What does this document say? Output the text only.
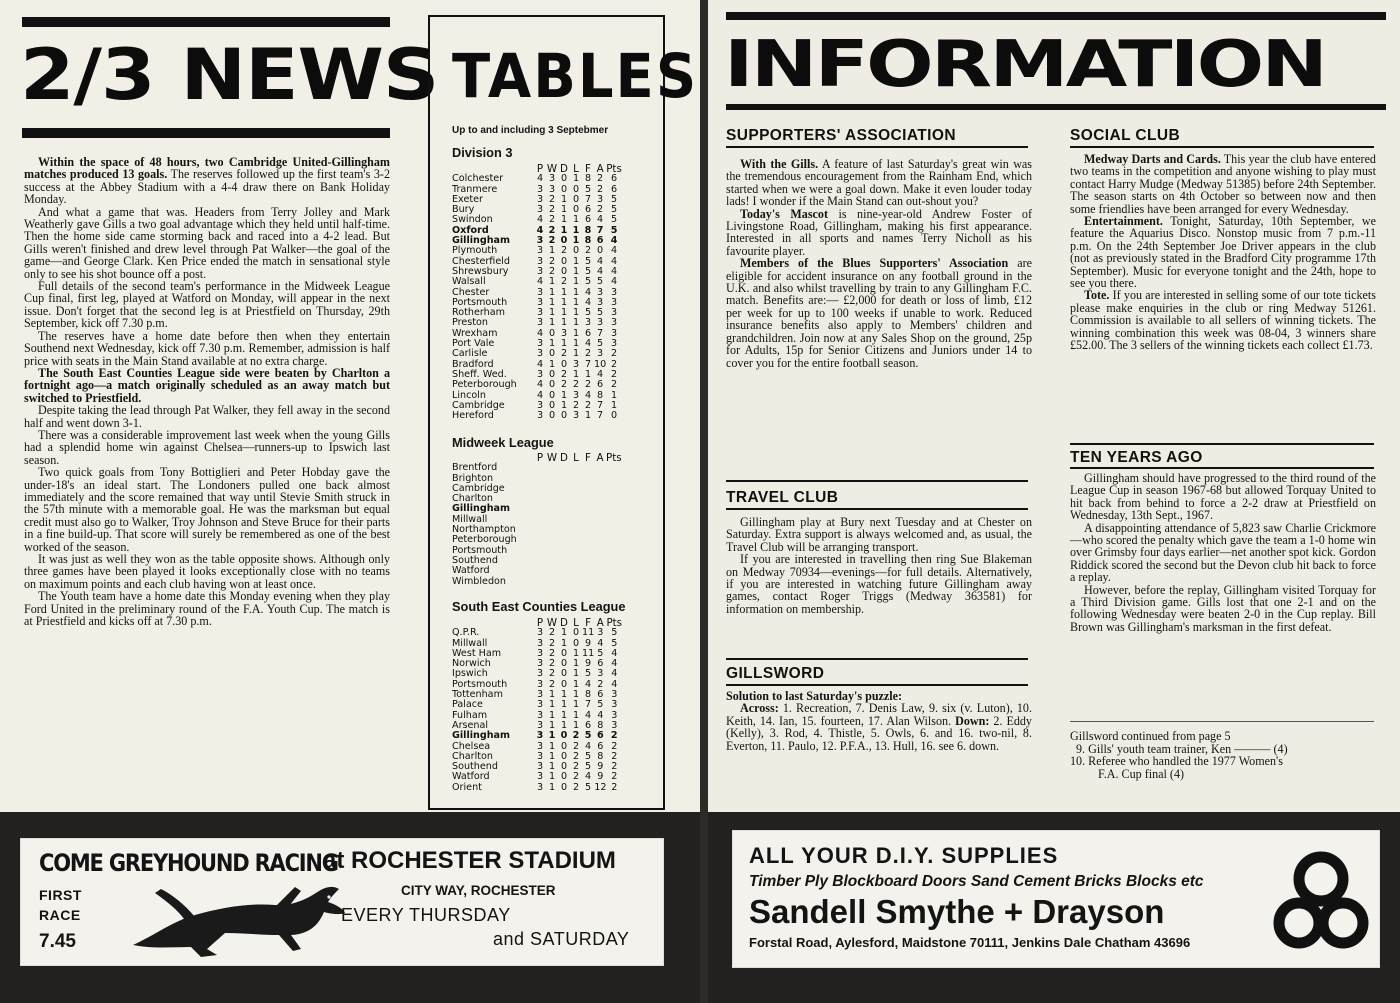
2/3 NEWS

Within the space of 48 hours, two Cambridge United-Gillingham matches produced 13 goals. The reserves followed up the first team's 3-2 success at the Abbey Stadium with a 4-4 draw there on Bank Holiday Monday.

And what a game that was. Headers from Terry Jolley and Mark Weatherly gave Gills a two goal advantage which they held until half-time. Then the home side came storming back and raced into a 4-2 lead. But Gills weren't finished and drew level through Pat Walker—the goal of the game—and George Clark. Ken Price ended the match in sensational style only to see his shot bounce off a post.

Full details of the second team's performance in the Midweek League Cup final, first leg, played at Watford on Monday, will appear in the next issue. Don't forget that the second leg is at Priestfield on Thursday, 29th September, kick off 7.30 p.m.

The reserves have a home date before then when they entertain Southend next Wednesday, kick off 7.30 p.m. Remember, admission is half price with seats in the Main Stand available at no extra charge.

The South East Counties League side were beaten by Charlton a fortnight ago—a match originally scheduled as an away match but switched to Priestfield.

Despite taking the lead through Pat Walker, they fell away in the second half and went down 3-1.

There was a considerable improvement last week when the young Gills had a splendid home win against Chelsea—runners-up to Ipswich last season.

Two quick goals from Tony Bottiglieri and Peter Hobday gave the under-18's an ideal start. The Londoners pulled one back almost immediately and the score remained that way until Stevie Smith struck in the 57th minute with a memorable goal. He was the marksman but equal credit must also go to Walker, Troy Johnson and Steve Bruce for their parts in a fine build-up. That score will surely be remembered as one of the best worked of the season.

It was just as well they won as the table opposite shows. Although only three games have been played it looks exceptionally close with no teams on maximum points and each club having won at least once.

The Youth team have a home date this Monday evening when they play Ford United in the preliminary round of the F.A. Youth Cup. The match is at Priestfield and kicks off at 7.30 p.m.

TABLES
Up to and including 3 Septebmer
Division 3
	P	W	D	L	F	A	Pts
Colchester	4	3	0	1	8	2	6
Tranmere	3	3	0	0	5	2	6
Exeter	3	2	1	0	7	3	5
Bury	3	2	1	0	6	2	5
Swindon	4	2	1	1	6	4	5
Oxford	4	2	1	1	8	7	5
Gillingham	3	2	0	1	8	6	4
Plymouth	3	1	2	0	2	0	4
Chesterfield	3	2	0	1	5	4	4
Shrewsbury	3	2	0	1	5	4	4
Walsall	4	1	2	1	5	5	4
Chester	3	1	1	1	4	3	3
Portsmouth	3	1	1	1	4	3	3
Rotherham	3	1	1	1	5	5	3
Preston	3	1	1	1	3	3	3
Wrexham	4	0	3	1	6	7	3
Port Vale	3	1	1	1	4	5	3
Carlisle	3	0	2	1	2	3	2
Bradford	4	1	0	3	7	10	2
Sheff. Wed.	3	0	2	1	1	4	2
Peterborough	4	0	2	2	2	6	2
Lincoln	4	0	1	3	4	8	1
Cambridge	3	0	1	2	2	7	1
Hereford	3	0	0	3	1	7	0
Midweek League
	P	W	D	L	F	A	Pts
Brentford
Brighton
Cambridge
Charlton
Gillingham
Millwall
Northampton
Peterborough
Portsmouth
Southend
Watford
Wimbledon
South East Counties League
	P	W	D	L	F	A	Pts
Q.P.R.	3	2	1	0	11	3	5
Millwall	3	2	1	0	9	4	5
West Ham	3	2	0	1	11	5	4
Norwich	3	2	0	1	9	6	4
Ipswich	3	2	0	1	5	3	4
Portsmouth	3	2	0	1	4	2	4
Tottenham	3	1	1	1	8	6	3
Palace	3	1	1	1	7	5	3
Fulham	3	1	1	1	4	4	3
Arsenal	3	1	1	1	6	8	3
Gillingham	3	1	0	2	5	6	2
Chelsea	3	1	0	2	4	6	2
Charlton	3	1	0	2	5	8	2
Southend	3	1	0	2	5	9	2
Watford	3	1	0	2	4	9	2
Orient	3	1	0	2	5	12	2
INFORMATION
SUPPORTERS' ASSOCIATION

With the Gills. A feature of last Saturday's great win was the tremendous encouragement from the Rainham End, which started when we were a goal down. Make it even louder today lads! I wonder if the Main Stand can out-shout you?

Today's Mascot is nine-year-old Andrew Foster of Livingstone Road, Gillingham, making his first appearance. Interested in all sports and names Terry Nicholl as his favourite player.

Members of the Blues Supporters' Association are eligible for accident insurance on any football ground in the U.K. and also whilst travelling by train to any Gillingham F.C. match. Benefits are:— £2,000 for death or loss of limb, £12 per week for up to 100 weeks if unable to work. Reduced insurance benefits also apply to Members' children and grandchildren. Join now at any Sales Shop on the ground, 25p for Adults, 15p for Senior Citizens and Juniors under 14 to cover you for the entire football season.

TRAVEL CLUB

Gillingham play at Bury next Tuesday and at Chester on Saturday. Extra support is always welcomed and, as usual, the Travel Club will be arranging transport.

If you are interested in travelling then ring Sue Blakeman on Medway 70934—evenings—for full details. Alternatively, if you are interested in watching future Gillingham away games, contact Roger Triggs (Medway 363581) for information on membership.

GILLSWORD
Solution to last Saturday's puzzle:

Across: 1. Recreation, 7. Denis Law, 9. six (v. Luton), 10. Keith, 14. Ian, 15. fourteen, 17. Alan Wilson. Down: 2. Eddy (Kelly), 3. Rod, 4. Thistle, 5. Owls, 6. and 16. two-nil, 8. Everton, 11. Paulo, 12. P.F.A., 13. Hull, 16. see 6. down.

SOCIAL CLUB

Medway Darts and Cards. This year the club have entered two teams in the competition and anyone wishing to play must contact Harry Mudge (Medway 51385) before 24th September. The season starts on 4th October so between now and then some friendlies have been arranged for every Wednesday.

Entertainment. Tonight, Saturday, 10th September, we feature the Aquarius Disco. Nonstop music from 7 p.m.-11 p.m. On the 24th September Joe Driver appears in the club (not as previously stated in the Bradford City programme 17th September). Music for everyone tonight and the 24th, hope to see you there.

Tote. If you are interested in selling some of our tote tickets please make enquiries in the club or ring Medway 51261. Commission is available to all sellers of winning tickets. The winning combination this week was 08-04, 3 winners share £52.00. The 3 sellers of the winning tickets each collect £1.73.

TEN YEARS AGO

Gillingham should have progressed to the third round of the League Cup in season 1967-68 but allowed Torquay United to hit back from behind to force a 2-2 draw at Priestfield on Wednesday, 13th Sept., 1967.

A disappointing attendance of 5,823 saw Charlie Crickmore—who scored the penalty which gave the team a 1-0 home win over Grimsby four days earlier—net another spot kick. Gordon Riddick scored the second but the Devon club hit back to force a replay.

However, before the replay, Gillingham visited Torquay for a Third Division game. Gills lost that one 2-1 and on the following Wednesday were beaten 2-0 in the Cup replay. Bill Brown was Gillingham's marksman in the first defeat.

Gillsword continued from page 5
9. Gills' youth team trainer, Ken ——— (4)
10. Referee who handled the 1977 Women's
F.A. Cup final (4)
COME GREYHOUND RACING
at ROCHESTER STADIUM
FIRST
RACE
7.45
CITY WAY, ROCHESTER
EVERY THURSDAY
and SATURDAY
ALL YOUR D.I.Y. SUPPLIES
Timber Ply Blockboard Doors Sand Cement Bricks Blocks etc
Sandell Smythe + Drayson
Forstal Road, Aylesford, Maidstone 70111, Jenkins Dale Chatham 43696
